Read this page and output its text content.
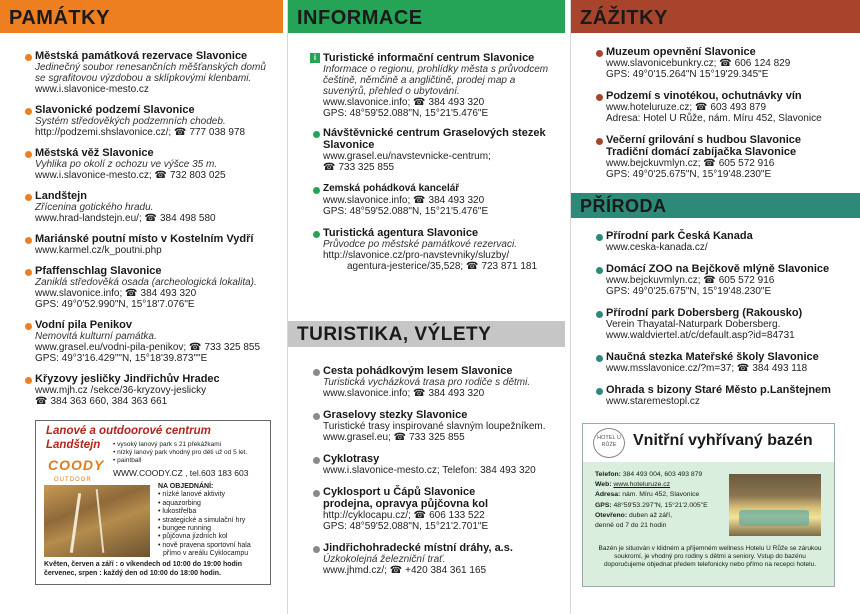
PAMÁTKY
Městská památková rezervace Slavonice
Jedinečný soubor renesančních měšťanských domů se sgrafitovou výzdobou a sklípkovými klenbami.
www.i.slavonice-mesto.cz
Slavonické podzemí Slavonice
Systém středověkých podzemních chodeb.
http://podzemi.shslavonice.cz/; ☎ 777 038 978
Městská věž Slavonice
Vyhlika po okolí z ochozu ve výšce 35 m.
www.i.slavonice-mesto.cz; ☎ 732 803 025
Landštejn
Zřícenina gotického hradu.
www.hrad-landstejn.eu/; ☎ 384 498 580
Mariánské poutní místo v Kostelním Vydří
www.karmel.cz/k_poutni.php
Pfaffenschlag Slavonice
Zaniklá středověká osada (archeologická lokalita).
www.slavonice.info; ☎ 384 493 320
GPS: 49°0'52.990"N, 15°18'7.076"E
Vodní pila Penikov
Nemovitá kulturní památka.
www.grasel.eu/vodni-pila-penikov; ☎ 733 325 855
GPS: 49°3'16.429""N, 15°18'39.873""E
Křyzovy jesličky Jindřichův Hradec
www.mjh.cz /sekce/36-kryzovy-jeslicky
☎ 384 363 660, 384 363 661
Lanové a outdoorové centrum
Landštejn
COODY
OUTDOOR
• vysoký lanový park s 21 překážkami
• nízký lanový park vhodný pro děti už od 5 let.
• paintball
WWW.COODY.CZ , tel.603 183 603
NA OBJEDNÁNÍ:
• nízké lanové aktivity
• aquazorbing
• lukostřelba
• strategické a simulační hry
• bungee running
• půjčovna jízdních kol
• nově pravena sportovní hala
přímo v areálu Cyklocampu
Květen, červen a září : o víkendech od 10:00 do 19:00 hodin
červenec, srpen : každý den od 10:00 do 18:00 hodin.
INFORMACE
i Turistické informační centrum Slavonice
Informace o regionu, prohlídky města s průvodcem češtině, němčině a angličtině, prodej map a suvenýrů, přehled o ubytování.
www.slavonice.info; ☎ 384 493 320
GPS: 48°59'52.088"N, 15°21'5.476"E
Návštěvnické centrum Graselových stezek Slavonice
www.grasel.eu/navstevnicke-centrum;
☎ 733 325 855
Zemská pohádková kancelář
www.slavonice.info; ☎ 384 493 320
GPS: 48°59'52.088"N, 15°21'5.476"E
Turistická agentura Slavonice
Průvodce po městské památkové rezervaci.
http://slavonice.cz/pro-navstevniky/sluzby/
agentura-jesterice/35,528; ☎ 723 871 181
TURISTIKA, VÝLETY
Cesta pohádkovým lesem Slavonice
Turistická vycházková trasa pro rodiče s dětmi.
www.slavonice.info; ☎ 384 493 320
Graselovy stezky Slavonice
Turistické trasy inspirované slavným loupežníkem.
www.grasel.eu; ☎ 733 325 855
Cyklotrasy
www.i.slavonice-mesto.cz; Telefon: 384 493 320
Cyklosport u Čápů Slavonice
prodejna, opravya půjčovna kol
http://cyklocapu.cz/; ☎ 606 133 522
GPS: 48°59'52.088"N, 15°21'2.701"E
Jindřichohradecké místní dráhy, a.s.
Úzkokolejná železniční trať.
www.jhmd.cz/; ☎ +420 384 361 165
ZÁŽITKY
Muzeum opevnění Slavonice
www.slavonicebunkry.cz; ☎ 606 124 829
GPS: 49°0'15.264"N 15°19'29.345"E
Podzemí s vinotékou, ochutnávky vín
www.hoteluruze.cz; ☎ 603 493 879
Adresa: Hotel U Růže, nám. Míru 452, Slavonice
Večerní grilování s hudbou Slavonice
Tradiční domácí zabíjačka Slavonice
www.bejckuvmlyn.cz; ☎ 605 572 916
GPS: 49°0'25.675"N, 15°19'48.230"E
PŘÍRODA
Přírodní park Česká Kanada
www.ceska-kanada.cz/
Domácí ZOO na Bejčkově mlýně Slavonice
www.bejckuvmlyn.cz; ☎ 605 572 916
GPS: 49°0'25.675"N, 15°19'48.230"E
Přírodní park Dobersberg (Rakousko)
Verein Thayatal-Naturpark Dobersberg.
www.waldviertel.at/c/default.asp?id=84731
Naučná stezka Mateřské školy Slavonice
www.msslavonice.cz/?m=37; ☎ 384 493 118
Ohrada s bizony Staré Město p.Lanštejnem
www.staremestopl.cz
HOTEL U RŮŽE	Vnitřní vyhřívaný bazén
Telefon: 384 493 004, 603 493 879
Web: www.hoteluruze.cz
Adresa: nám. Míru 452, Slavonice
GPS: 48°59'53.297"N, 15°21'2.005"E
Otevřeno: duben až září,
denně od 7 do 21 hodin
Bazén je situován v klidném a příjemném wellness Hotelu U Růže se zárukou soukromí, je vhodný pro rodiny s dětmi a seniory. Vstup do bazénu doporučujeme objednat předem telefonicky nebo přímo na recepci hotelu.
